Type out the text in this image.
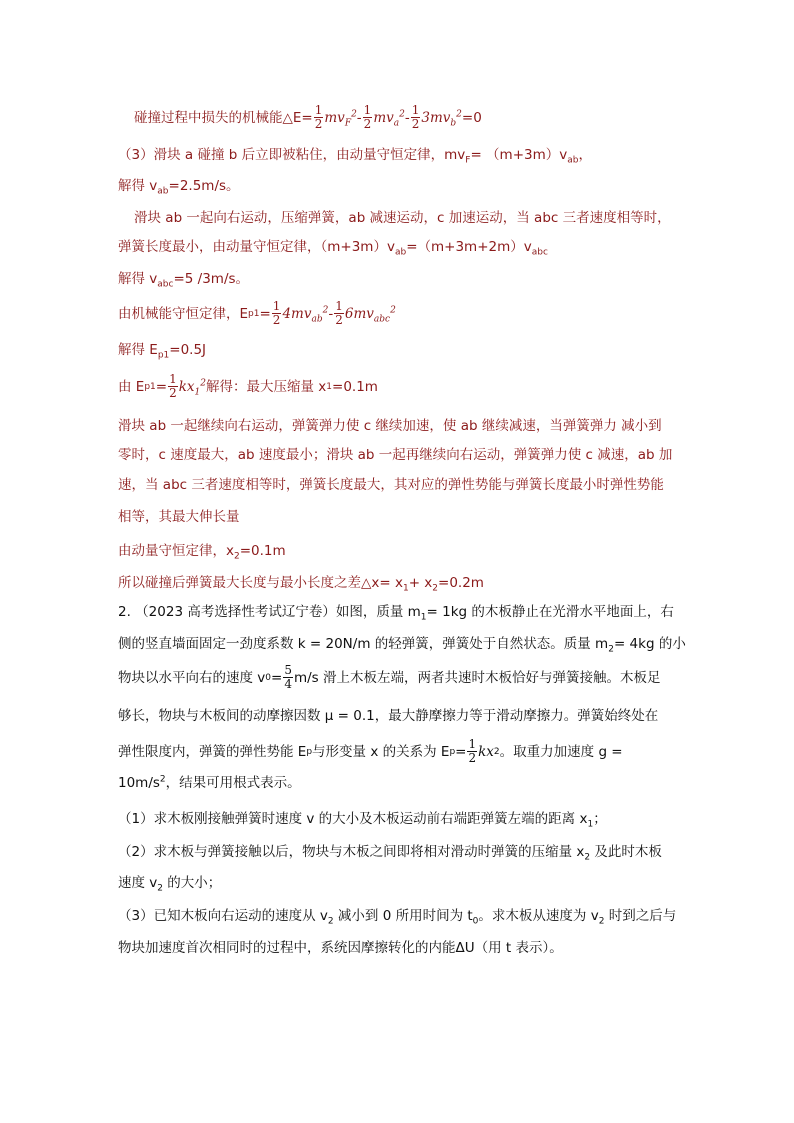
碰撞过程中损失的机械能△E= $\frac{1}{2}$ mv $_F^2 - \frac{1}{2}$ mv $_a^2 - \frac{1}{2} 3mv$ $_b^2$ =0
（3）滑块 a 碰撞 b 后立即被粘住，由动量守恒定律，$mv_F= (m+3m)v_{ab}$，
解得 $v_{ab}=2.5m/s$。
滑块 ab 一起向右运动，压缩弹簧，ab 减速运动，c 加速运动，当 abc 三者速度相等时，
弹簧长度最小，由动量守恒定律，$(m+3m)v_{ab}=(m+3m+2m)v_{abc}$
解得 $v_{abc}=5$ /3m/s。
由机械能守恒定律，E $p1 = \frac{1}{2} 4mv$ $_{ab}^2 - \frac{1}{2} 6mv$ $_{abc}^2$
解得 $E_{p1}=0.5J$
由 E $p1 = \frac{1}{2}$ kx $_1^2$ 解得：最大压缩量 x 1 =0.1m
滑块 ab 一起继续向右运动，弹簧弹力使 c 继续加速，使 ab 继续减速，当弹簧弹力 减小到
零时，c 速度最大，ab 速度最小；滑块 ab 一起再继续向右运动，弹簧弹力使 c 减速，ab 加
速，当 abc 三者速度相等时，弹簧长度最大，其对应的弹性势能与弹簧长度最小时弹性势能
相等，其最大伸长量
由动量守恒定律，$x_2=0.1m$
所以碰撞后弹簧最大长度与最小长度之差△x= $x_1+ x_2=0.2m$
2. （2023 高考选择性考试辽宁卷）如图，质量 $m_1= 1kg$ 的木板静止在光滑水平地面上，右
侧的竖直墙面固定一劲度系数 k = 20N/m 的轻弹簧，弹簧处于自然状态。质量 $m_2= 4kg$ 的小
物块以水平向右的速度 v $0 = \frac{5}{4} m/s$ 滑上木板左端，两者共速时木板恰好与弹簧接触。木板足
够长，物块与木板间的动摩擦因数 μ = 0.1，最大静摩擦力等于滑动摩擦力。弹簧始终处在
弹性限度内，弹簧的弹性势能 E p 与形变量 x 的关系为 E $p = \frac{1}{2}$ kx 2 。取重力加速度 g =
$10m/s^2$，结果可用根式表示。
（1）求木板刚接触弹簧时速度 v 的大小及木板运动前右端距弹簧左端的距离 $x_1$；
（2）求木板与弹簧接触以后，物块与木板之间即将相对滑动时弹簧的压缩量 $x_2$ 及此时木板
速度 $v_2$ 的大小；
（3）已知木板向右运动的速度从 $v_2$ 减小到 0 所用时间为 $t_0$。求木板从速度为 $v_2$ 时到之后与
物块加速度首次相同时的过程中，系统因摩擦转化的内能ΔU（用 t 表示）。
